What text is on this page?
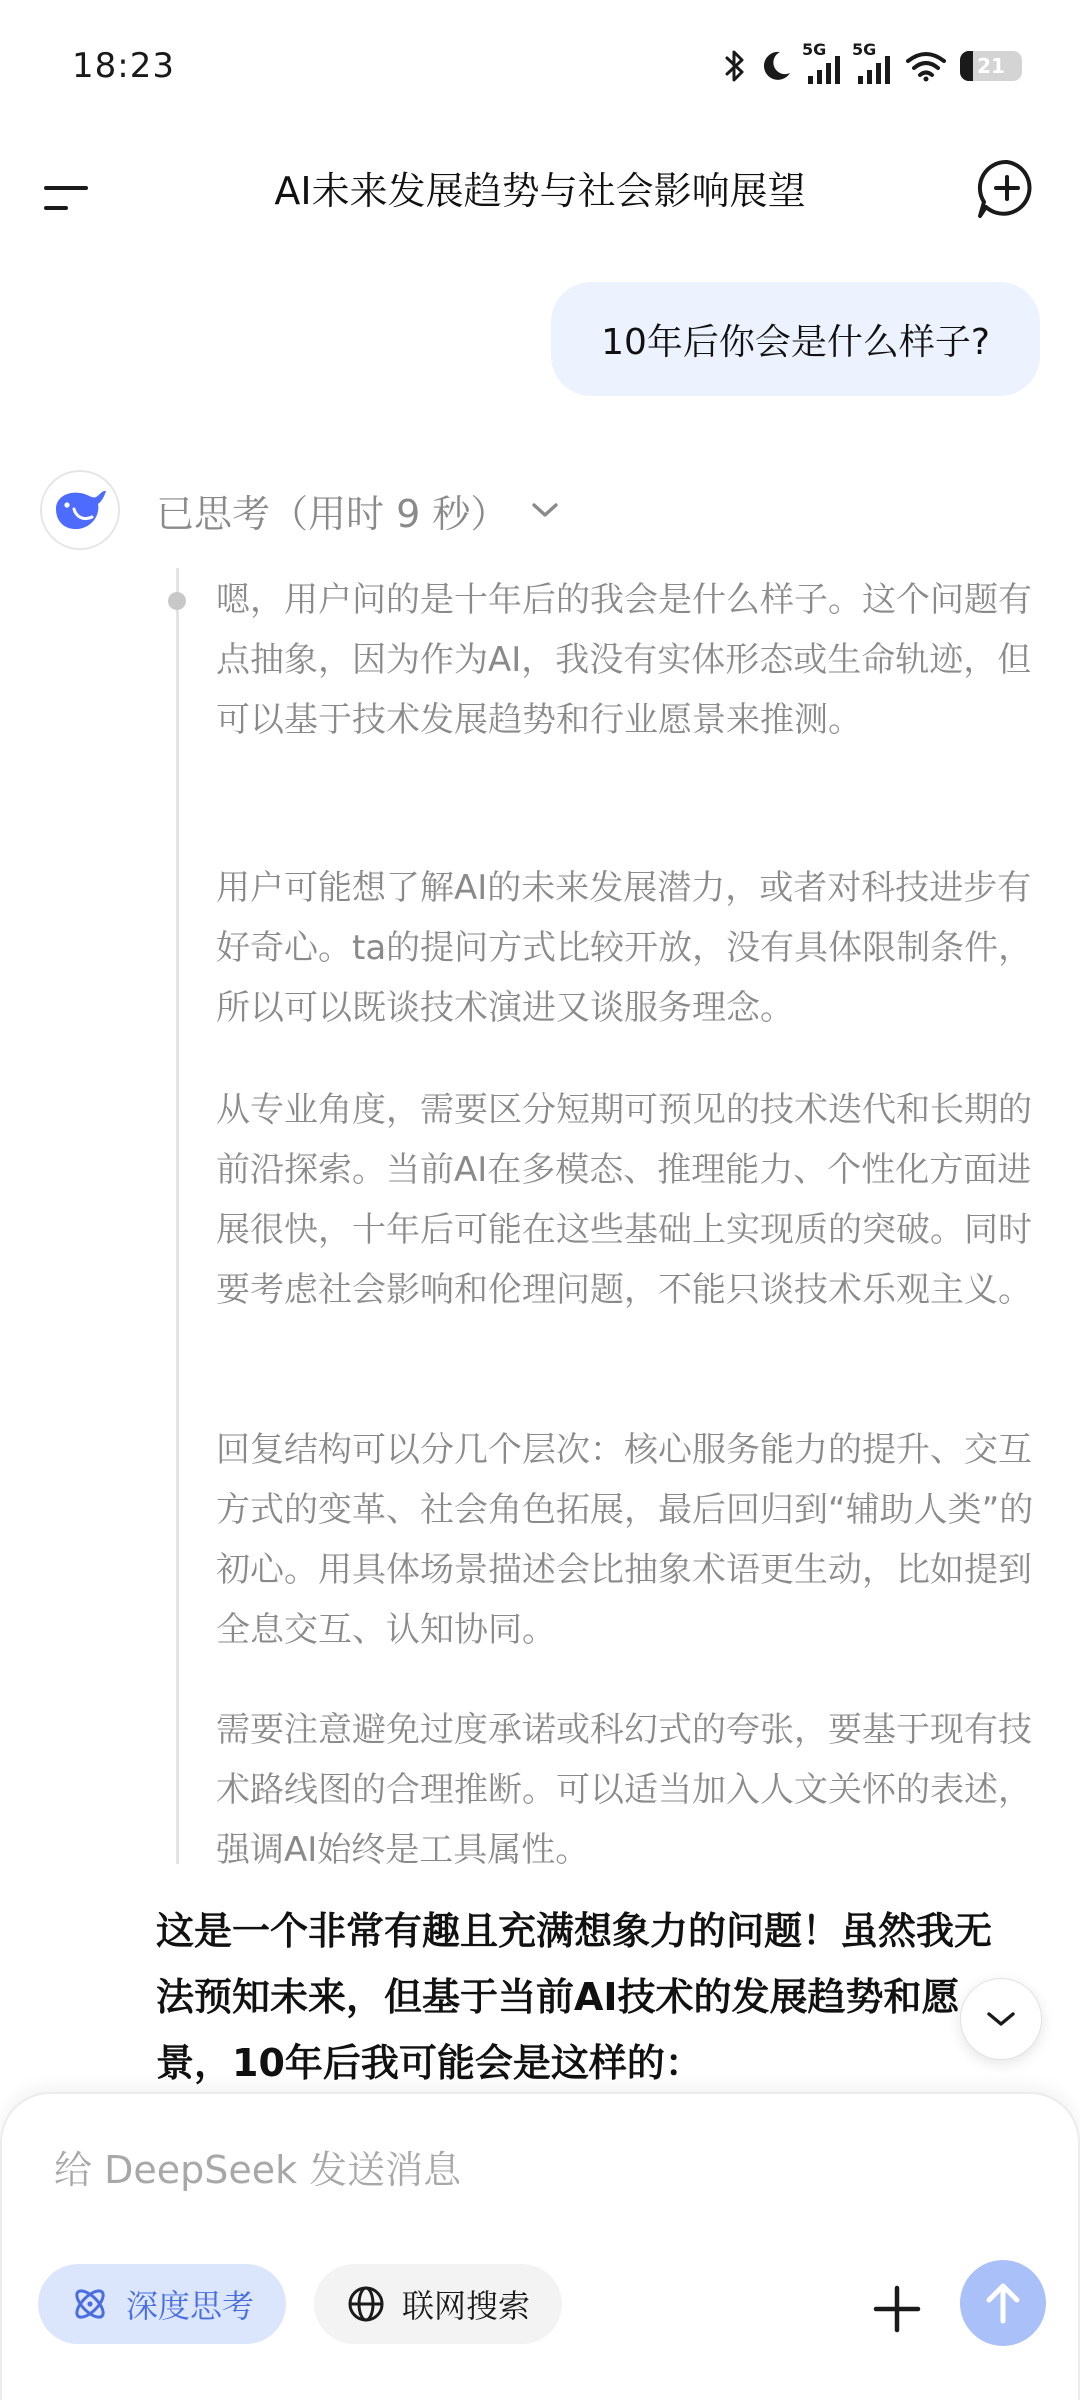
18:23	5G 5G
21
AI未来发展趋势与社会影响展望
10年后你会是什么样子?
已思考（用时 9 秒）
嗯，用户问的是十年后的我会是什么样子。这个问题有点抽象，因为作为AI，我没有实体形态或生命轨迹，但可以基于技术发展趋势和行业愿景来推测。
用户可能想了解AI的未来发展潜力，或者对科技进步有好奇心。ta的提问方式比较开放，没有具体限制条件，所以可以既谈技术演进又谈服务理念。
从专业角度，需要区分短期可预见的技术迭代和长期的前沿探索。当前AI在多模态、推理能力、个性化方面进展很快，十年后可能在这些基础上实现质的突破。同时要考虑社会影响和伦理问题，不能只谈技术乐观主义。
回复结构可以分几个层次：核心服务能力的提升、交互方式的变革、社会角色拓展，最后回归到“辅助人类”的初心。用具体场景描述会比抽象术语更生动，比如提到全息交互、认知协同。
需要注意避免过度承诺或科幻式的夸张，要基于现有技术路线图的合理推断。可以适当加入人文关怀的表述，强调AI始终是工具属性。
这是一个非常有趣且充满想象力的问题！虽然我无法预知未来，但基于当前AI技术的发展趋势和愿景，10年后我可能会是这样的：
给 DeepSeek 发送消息
深度思考	联网搜索
